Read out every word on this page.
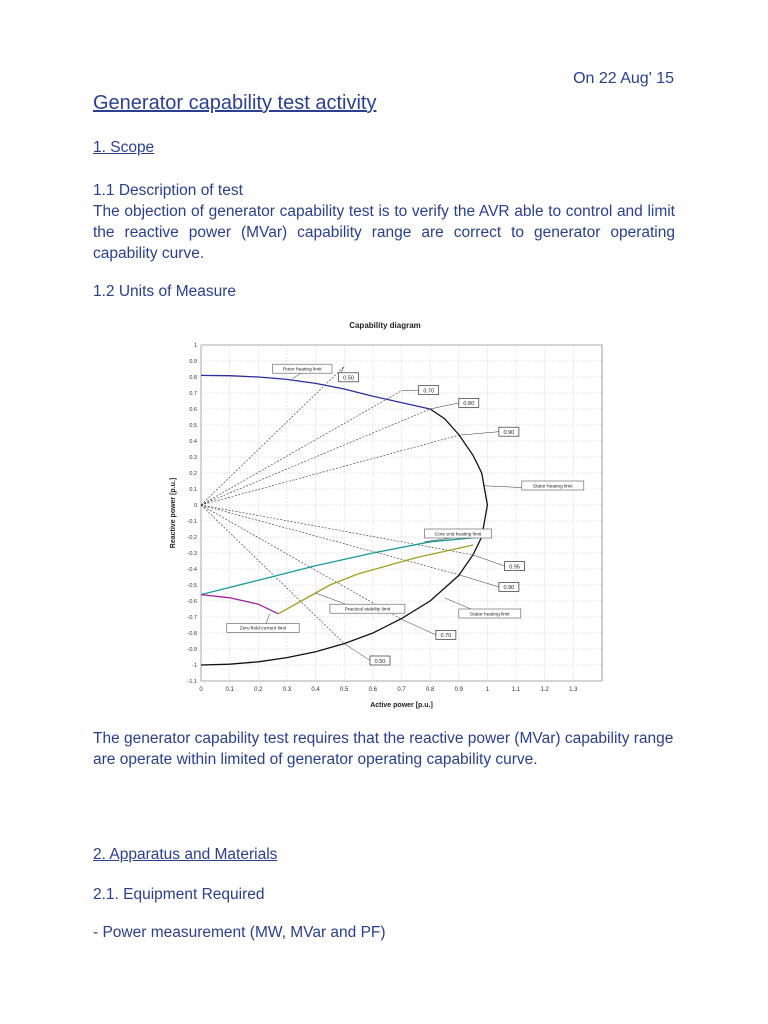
On 22 Aug' 15
Generator capability test activity
1. Scope
1.1 Description of test
The objection of generator capability test is to verify the AVR able to control and limit the reactive power (MVar) capability range are correct to generator operating capability curve.
1.2 Units of Measure
Capability diagram
0	0.1	0.2	0.3	0.4	0.5	0.6	0.7	0.8	0.9	1	1.1	1.2	1.3
1
0.9
0.8
0.7
0.6
0.5
0.4
0.3
0.2
0.1
0
-0.1
-0.2
-0.3
-0.4
-0.5
-0.6
-0.7
-0.8
-0.9
-1
-1.1
Active power [p.u.]
Reactive power [p.u.]
0.50
0.70
0.80
0.90
0.95
0.90
0.70
0.50
Rotor heating limit
Stator heating limit
Core end heating limit
Practical stability limit
Stator heating limit
Zero field-current limit
The generator capability test requires that the reactive power (MVar) capability range are operate within limited of generator operating capability curve.
2. Apparatus and Materials
2.1. Equipment Required
- Power measurement (MW, MVar and PF)
